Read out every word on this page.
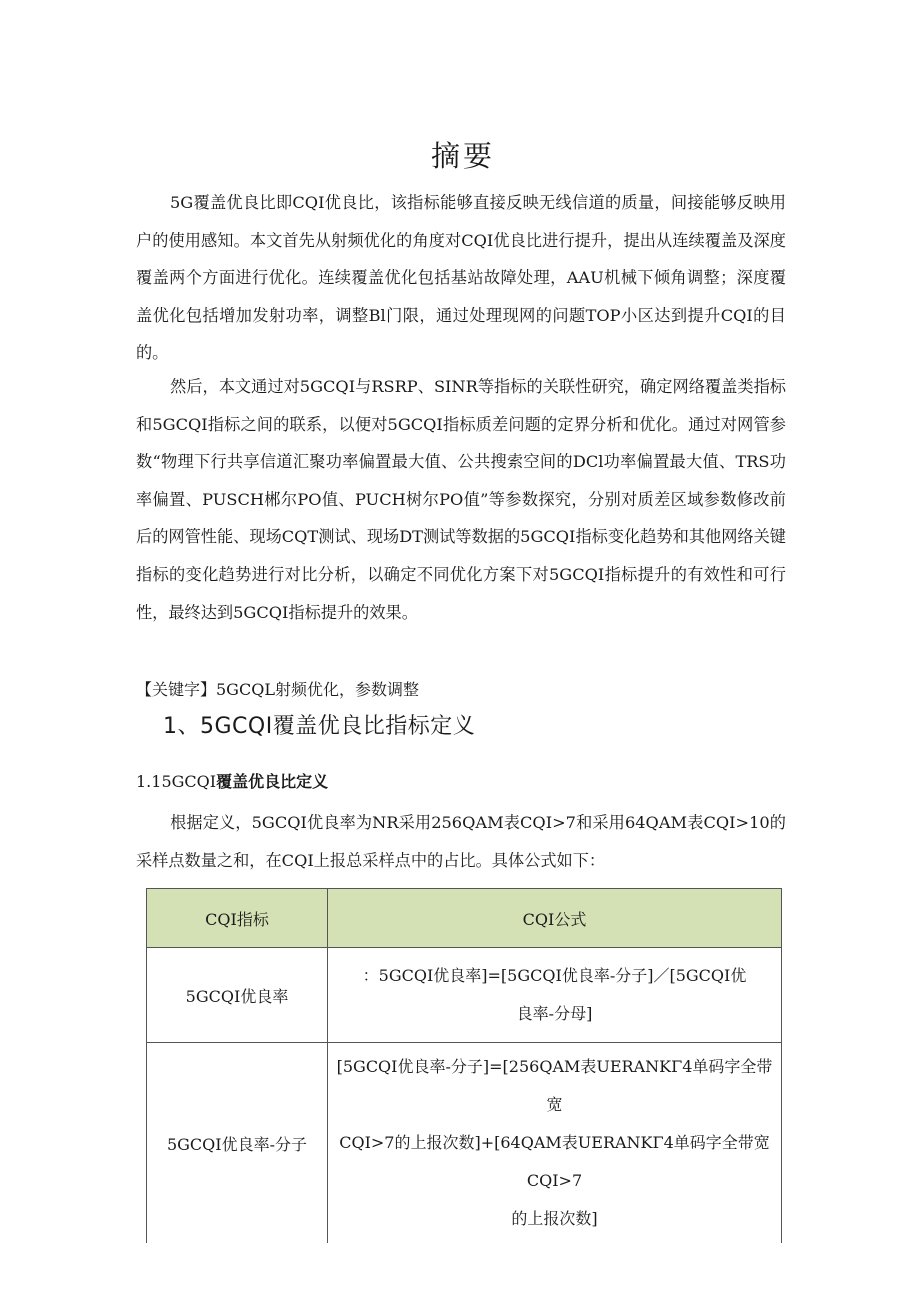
摘要

5G覆盖优良比即CQI优良比，该指标能够直接反映无线信道的质量，间接能够反映用户的使用感知。本文首先从射频优化的角度对CQI优良比进行提升，提出从连续覆盖及深度覆盖两个方面进行优化。连续覆盖优化包括基站故障处理，AAU机械下倾角调整；深度覆盖优化包括增加发射功率，调整Bl门限，通过处理现网的问题TOP小区达到提升CQI的目的。

然后，本文通过对5GCQI与RSRP、SINR等指标的关联性研究，确定网络覆盖类指标和5GCQI指标之间的联系，以便对5GCQI指标质差问题的定界分析和优化。通过对网管参数“物理下行共享信道汇聚功率偏置最大值、公共搜索空间的DCl功率偏置最大值、TRS功率偏置、PUSCH郴尔PO值、PUCH树尔PO值”等参数探究，分别对质差区域参数修改前后的网管性能、现场CQT测试、现场DT测试等数据的5GCQI指标变化趋势和其他网络关键指标的变化趋势进行对比分析，以确定不同优化方案下对5GCQI指标提升的有效性和可行性，最终达到5GCQI指标提升的效果。

【关键字】5GCQL射频优化，参数调整
1、5GCQI覆盖优良比指标定义
1.15GCQI覆盖优良比定义

根据定义，5GCQI优良率为NR采用256QAM表CQI>7和采用64QAM表CQI>10的采样点数量之和，在CQI上报总采样点中的占比。具体公式如下：

CQI指标	CQI公式
5GCQI优良率	：5GCQI优良率]=[5GCQI优良率-分子]／[5GCQI优
良率-分母]

5GCQI优良率-分子	[5GCQI优良率-分子]=[256QAM表UERANKΓ4单码字全带宽
CQI>7的上报次数]+[64QAM表UERANKΓ4单码字全带宽CQI>7
的上报次数]
